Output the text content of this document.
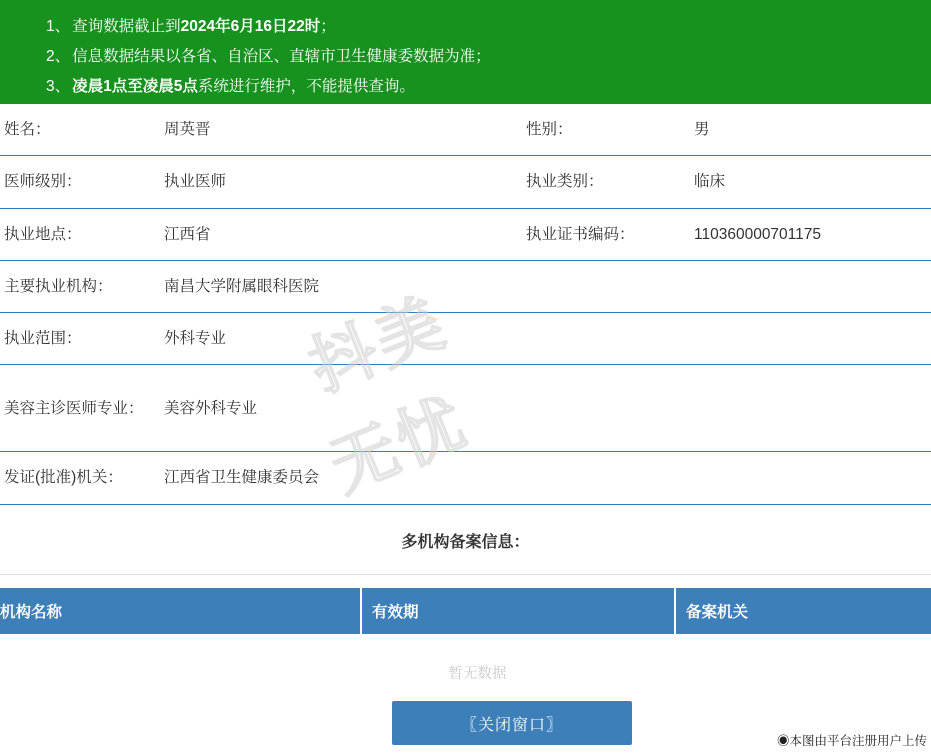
1、 查询数据截止到 2024年6月16日22时 ；
2、 信息数据结果以各省、自治区、直辖市卫生健康委数据为准；
3、 凌晨1点至凌晨5点 系统进行维护，不能提供查询。
姓名：	周英晋	性别：	男
医师级别：	执业医师	执业类别：	临床
执业地点：	江西省	执业证书编码：	110360000701175
主要执业机构：	南昌大学附属眼科医院		
执业范围：	外科专业		
美容主诊医师专业：	美容外科专业		
发证(批准)机关：	江西省卫生健康委员会		
多机构备案信息：
机构名称	有效期	备案机关
暂无数据
〖关闭窗口〗
◉本图由平台注册用户上传
